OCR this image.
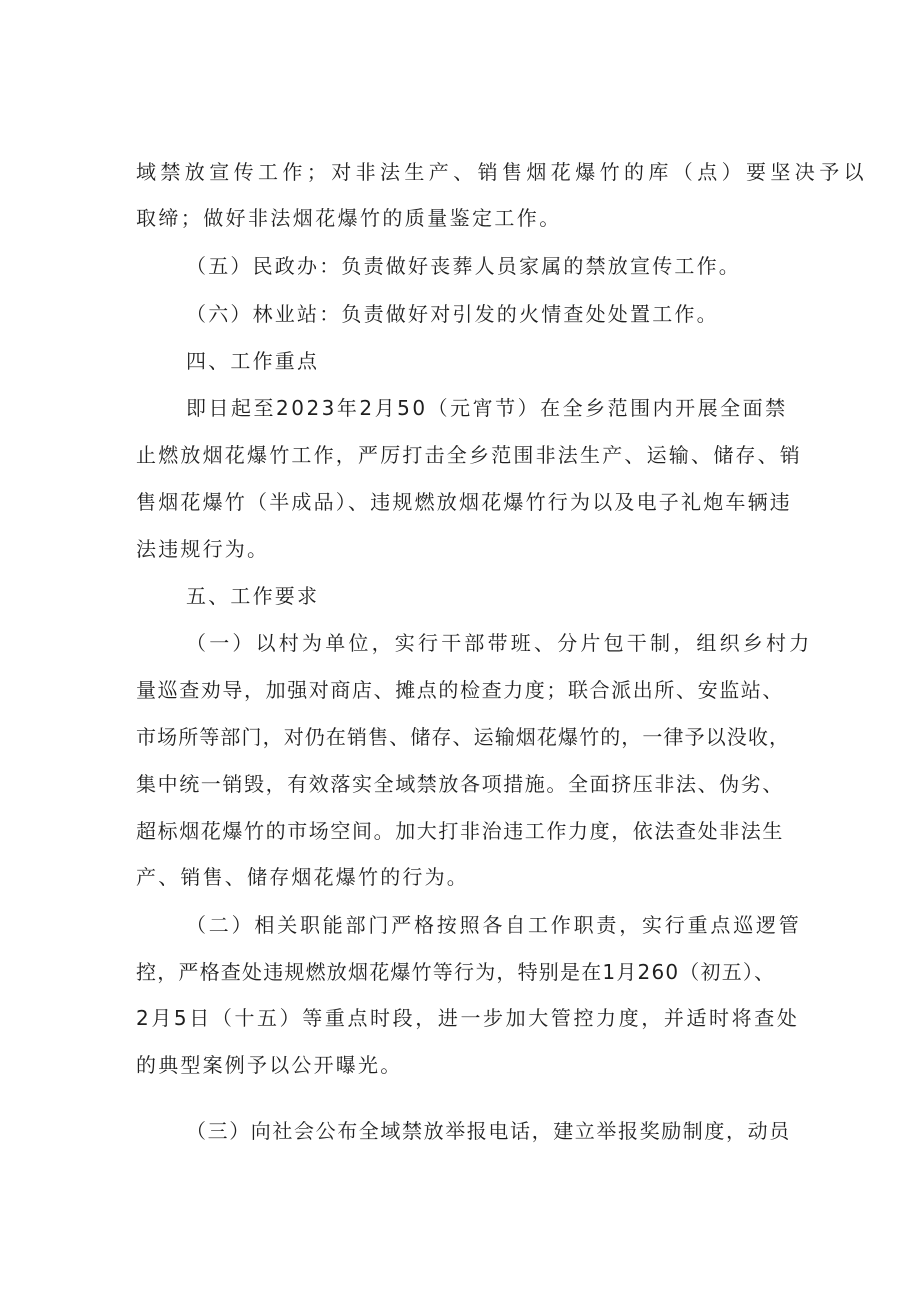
域禁放宣传工作；对非法生产、销售烟花爆竹的库（点）要坚决予以
取缔；做好非法烟花爆竹的质量鉴定工作。
（五）民政办：负责做好丧葬人员家属的禁放宣传工作。
（六）林业站：负责做好对引发的火情查处处置工作。
四、工作重点
即日起至2023年2月50（元宵节）在全乡范围内开展全面禁
止燃放烟花爆竹工作，严厉打击全乡范围非法生产、运输、储存、销
售烟花爆竹（半成品）、违规燃放烟花爆竹行为以及电子礼炮车辆违
法违规行为。
五、工作要求
（一）以村为单位，实行干部带班、分片包干制，组织乡村力
量巡查劝导，加强对商店、摊点的检查力度；联合派出所、安监站、
市场所等部门，对仍在销售、储存、运输烟花爆竹的，一律予以没收，
集中统一销毁，有效落实全域禁放各项措施。全面挤压非法、伪劣、
超标烟花爆竹的市场空间。加大打非治违工作力度，依法查处非法生
产、销售、储存烟花爆竹的行为。
（二）相关职能部门严格按照各自工作职责，实行重点巡逻管
控，严格查处违规燃放烟花爆竹等行为，特别是在1月260（初五）、
2月5日（十五）等重点时段，进一步加大管控力度，并适时将查处
的典型案例予以公开曝光。
（三）向社会公布全域禁放举报电话，建立举报奖励制度，动员
